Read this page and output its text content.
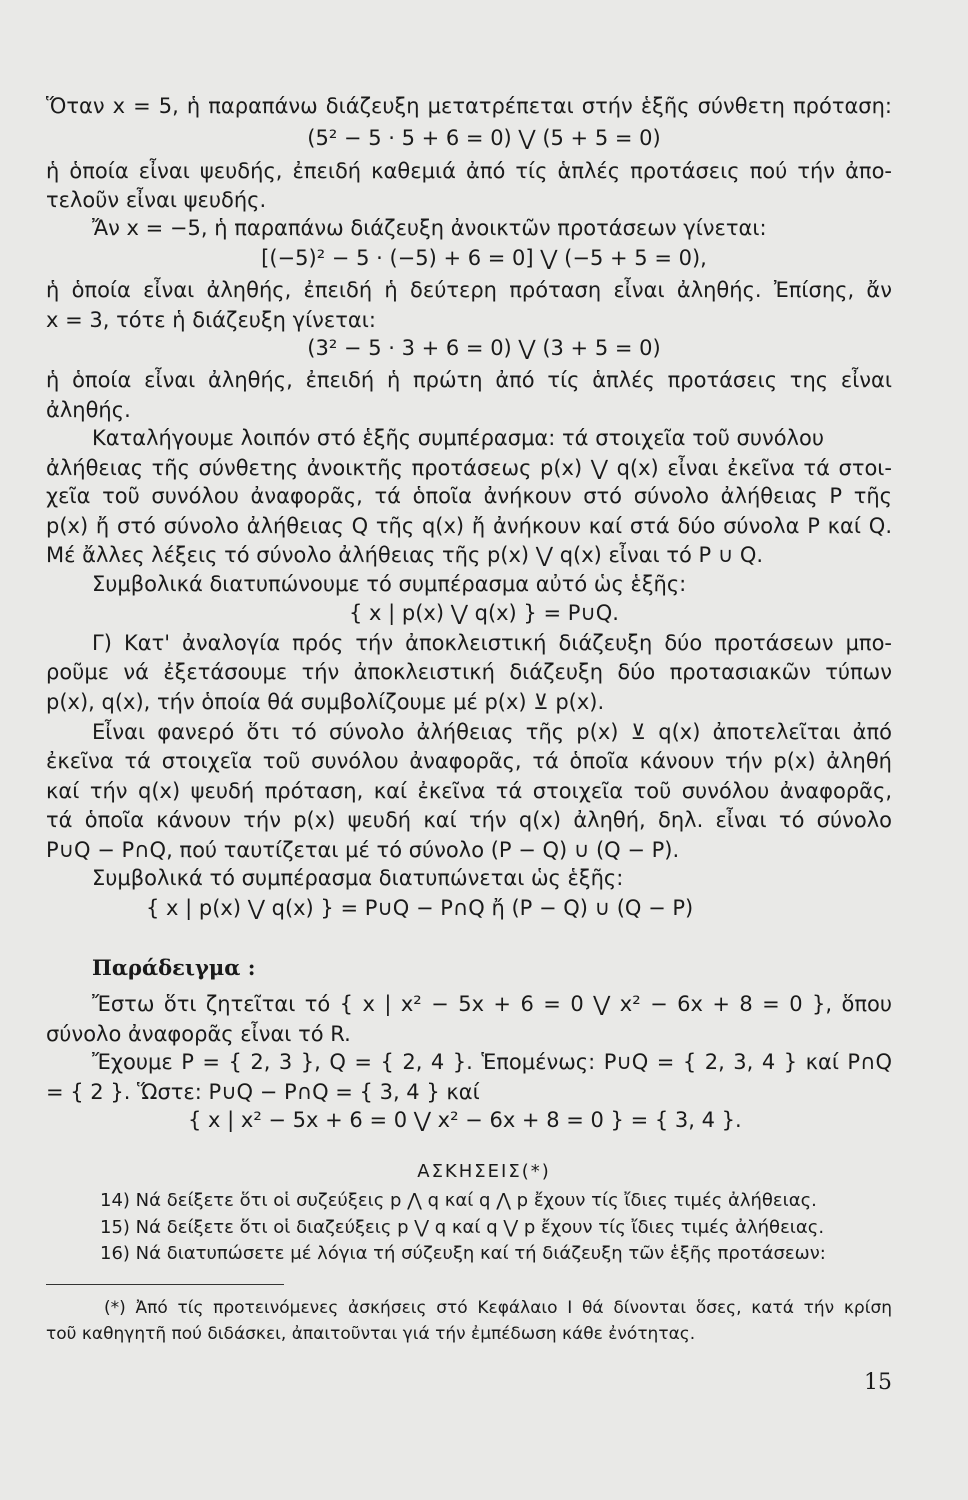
Ὅταν x = 5, ἡ παραπάνω διάζευξη μετατρέπεται στήν ἑξῆς σύνθετη πρόταση:
(5² − 5 · 5 + 6 = 0) ⋁ (5 + 5 = 0)
ἡ ὁποία εἶναι ψευδής, ἐπειδή καθεμιά ἀπό τίς ἁπλές προτάσεις πού τήν ἀπο-
τελοῦν εἶναι ψευδής.
Ἄν x = −5, ἡ παραπάνω διάζευξη ἀνοικτῶν προτάσεων γίνεται:
[(−5)² − 5 · (−5) + 6 = 0] ⋁ (−5 + 5 = 0),
ἡ ὁποία εἶναι ἀληθής, ἐπειδή ἡ δεύτερη πρόταση εἶναι ἀληθής. Ἐπίσης, ἄν
x = 3, τότε ἡ διάζευξη γίνεται:
(3² − 5 · 3 + 6 = 0) ⋁ (3 + 5 = 0)
ἡ ὁποία εἶναι ἀληθής, ἐπειδή ἡ πρώτη ἀπό τίς ἁπλές προτάσεις της εἶναι
ἀληθής.
Καταλήγουμε λοιπόν στό ἑξῆς συμπέρασμα: τά στοιχεῖα τοῦ συνόλου
ἀλήθειας τῆς σύνθετης ἀνοικτῆς προτάσεως p(x) ⋁ q(x) εἶναι ἐκεῖνα τά στοι-
χεῖα τοῦ συνόλου ἀναφορᾶς, τά ὁποῖα ἀνήκουν στό σύνολο ἀλήθειας P τῆς
p(x) ἤ στό σύνολο ἀλήθειας Q τῆς q(x) ἤ ἀνήκουν καί στά δύο σύνολα P καί Q.
Μέ ἄλλες λέξεις τό σύνολο ἀλήθειας τῆς p(x) ⋁ q(x) εἶναι τό P ∪ Q.
Συμβολικά διατυπώνουμε τό συμπέρασμα αὐτό ὡς ἑξῆς:
{ x | p(x) ⋁ q(x) } = P∪Q.
Γ) Κατ' ἀναλογία πρός τήν ἀποκλειστική διάζευξη δύο προτάσεων μπο-
ροῦμε νά ἐξετάσουμε τήν ἀποκλειστική διάζευξη δύο προτασιακῶν τύπων
p(x), q(x), τήν ὁποία θά συμβολίζουμε μέ p(x) ⊻ p(x).
Εἶναι φανερό ὅτι τό σύνολο ἀλήθειας τῆς p(x) ⊻ q(x) ἀποτελεῖται ἀπό
ἐκεῖνα τά στοιχεῖα τοῦ συνόλου ἀναφορᾶς, τά ὁποῖα κάνουν τήν p(x) ἀληθή
καί τήν q(x) ψευδή πρόταση, καί ἐκεῖνα τά στοιχεῖα τοῦ συνόλου ἀναφορᾶς,
τά ὁποῖα κάνουν τήν p(x) ψευδή καί τήν q(x) ἀληθή, δηλ. εἶναι τό σύνολο
P∪Q − P∩Q, πού ταυτίζεται μέ τό σύνολο (P − Q) ∪ (Q − P).
Συμβολικά τό συμπέρασμα διατυπώνεται ὡς ἑξῆς:
{ x | p(x) ⋁ q(x) } = P∪Q − P∩Q ἤ (P − Q) ∪ (Q − P)
Παράδειγμα :
Ἔστω ὅτι ζητεῖται τό { x | x² − 5x + 6 = 0 ⋁ x² − 6x + 8 = 0 }, ὅπου
σύνολο ἀναφορᾶς εἶναι τό R.
Ἔχουμε P = { 2, 3 }, Q = { 2, 4 }. Ἑπομένως: P∪Q = { 2, 3, 4 } καί P∩Q
= { 2 }. Ὥστε: P∪Q − P∩Q = { 3, 4 } καί
{ x | x² − 5x + 6 = 0 ⋁ x² − 6x + 8 = 0 } = { 3, 4 }.
ΑΣΚΗΣΕΙΣ(*)
14) Νά δείξετε ὅτι οἱ συζεύξεις p ⋀ q καί q ⋀ p ἔχουν τίς ἴδιες τιμές ἀλήθειας.
15) Νά δείξετε ὅτι οἱ διαζεύξεις p ⋁ q καί q ⋁ p ἔχουν τίς ἴδιες τιμές ἀλήθειας.
16) Νά διατυπώσετε μέ λόγια τή σύζευξη καί τή διάζευξη τῶν ἑξῆς προτάσεων:
(*) Ἀπό τίς προτεινόμενες ἀσκήσεις στό Κεφάλαιο Ι θά δίνονται ὅσες, κατά τήν κρίση
τοῦ καθηγητῆ πού διδάσκει, ἀπαιτοῦνται γιά τήν ἐμπέδωση κάθε ἐνότητας.
15
